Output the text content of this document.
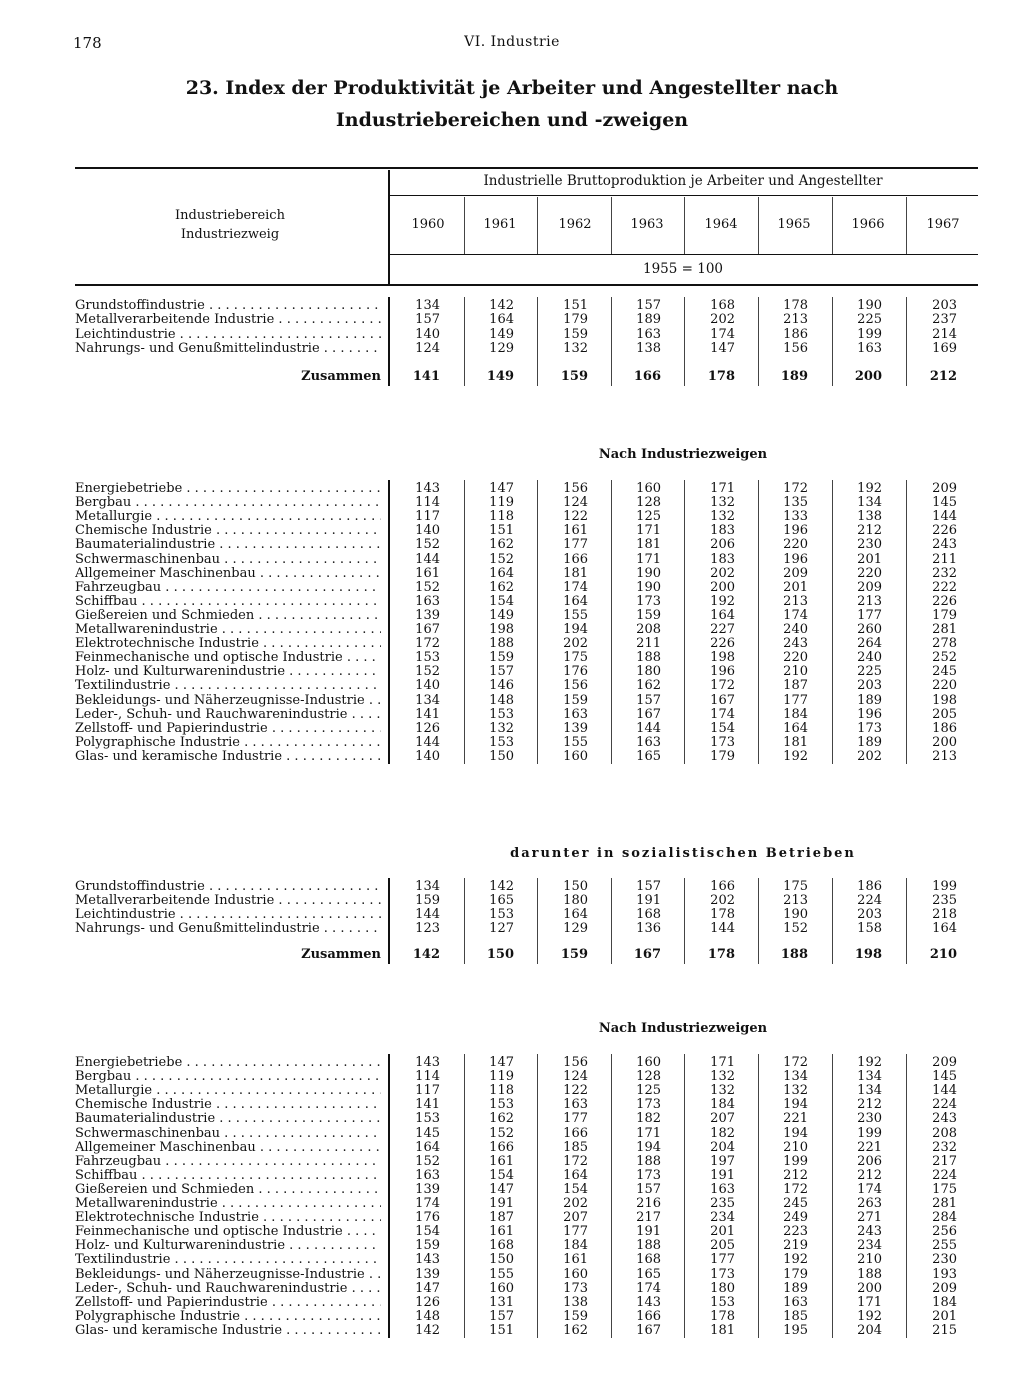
178	VI. Industrie
23. Index der Produktivität je Arbeiter und Angestellter nach
Industriebereichen und -zweigen
Industriebereich
Industriezweig
Industrielle Bruttoproduktion je Arbeiter und Angestellter
1955 = 100
1960	1961	1962	1963	1964	1965	1966	1967
Grundstoffindustrie . . .	134	142	151	157	168	178	190	203
Metallverarbeitende Industrie . . .	157	164	179	189	202	213	225	237
Leichtindustrie . . .	140	149	159	163	174	186	199	214
Nahrungs- und Genußmittelindustrie . . .	124	129	132	138	147	156	163	169
Zusammen	141	149	159	166	178	189	200	212
Nach Industriezweigen
Energiebetriebe . . .	143	147	156	160	171	172	192	209
Bergbau . . .	114	119	124	128	132	135	134	145
Metallurgie . . .	117	118	122	125	132	133	138	144
Chemische Industrie . . .	140	151	161	171	183	196	212	226
Baumaterialindustrie . . .	152	162	177	181	206	220	230	243
Schwermaschinenbau . . .	144	152	166	171	183	196	201	211
Allgemeiner Maschinenbau . . .	161	164	181	190	202	209	220	232
Fahrzeugbau . . .	152	162	174	190	200	201	209	222
Schiffbau . . .	163	154	164	173	192	213	213	226
Gießereien und Schmieden . . .	139	149	155	159	164	174	177	179
Metallwarenindustrie . . .	167	198	194	208	227	240	260	281
Elektrotechnische Industrie . . .	172	188	202	211	226	243	264	278
Feinmechanische und optische Industrie . . .	153	159	175	188	198	220	240	252
Holz- und Kulturwarenindustrie . . .	152	157	176	180	196	210	225	245
Textilindustrie . . .	140	146	156	162	172	187	203	220
Bekleidungs- und Näherzeugnisse-Industrie . . .	134	148	159	157	167	177	189	198
Leder-, Schuh- und Rauchwarenindustrie . . .	141	153	163	167	174	184	196	205
Zellstoff- und Papierindustrie . . .	126	132	139	144	154	164	173	186
Polygraphische Industrie . . .	144	153	155	163	173	181	189	200
Glas- und keramische Industrie . . .	140	150	160	165	179	192	202	213
darunter in sozialistischen Betrieben
Grundstoffindustrie . . .	134	142	150	157	166	175	186	199
Metallverarbeitende Industrie . . .	159	165	180	191	202	213	224	235
Leichtindustrie . . .	144	153	164	168	178	190	203	218
Nahrungs- und Genußmittelindustrie . . .	123	127	129	136	144	152	158	164
Zusammen	142	150	159	167	178	188	198	210
Nach Industriezweigen
Energiebetriebe . . .	143	147	156	160	171	172	192	209
Bergbau . . .	114	119	124	128	132	134	134	145
Metallurgie . . .	117	118	122	125	132	132	134	144
Chemische Industrie . . .	141	153	163	173	184	194	212	224
Baumaterialindustrie . . .	153	162	177	182	207	221	230	243
Schwermaschinenbau . . .	145	152	166	171	182	194	199	208
Allgemeiner Maschinenbau . . .	164	166	185	194	204	210	221	232
Fahrzeugbau . . .	152	161	172	188	197	199	206	217
Schiffbau . . .	163	154	164	173	191	212	212	224
Gießereien und Schmieden . . .	139	147	154	157	163	172	174	175
Metallwarenindustrie . . .	174	191	202	216	235	245	263	281
Elektrotechnische Industrie . . .	176	187	207	217	234	249	271	284
Feinmechanische und optische Industrie . . .	154	161	177	191	201	223	243	256
Holz- und Kulturwarenindustrie . . .	159	168	184	188	205	219	234	255
Textilindustrie . . .	143	150	161	168	177	192	210	230
Bekleidungs- und Näherzeugnisse-Industrie . . .	139	155	160	165	173	179	188	193
Leder-, Schuh- und Rauchwarenindustrie . . .	147	160	173	174	180	189	200	209
Zellstoff- und Papierindustrie . . .	126	131	138	143	153	163	171	184
Polygraphische Industrie . . .	148	157	159	166	178	185	192	201
Glas- und keramische Industrie . . .	142	151	162	167	181	195	204	215
